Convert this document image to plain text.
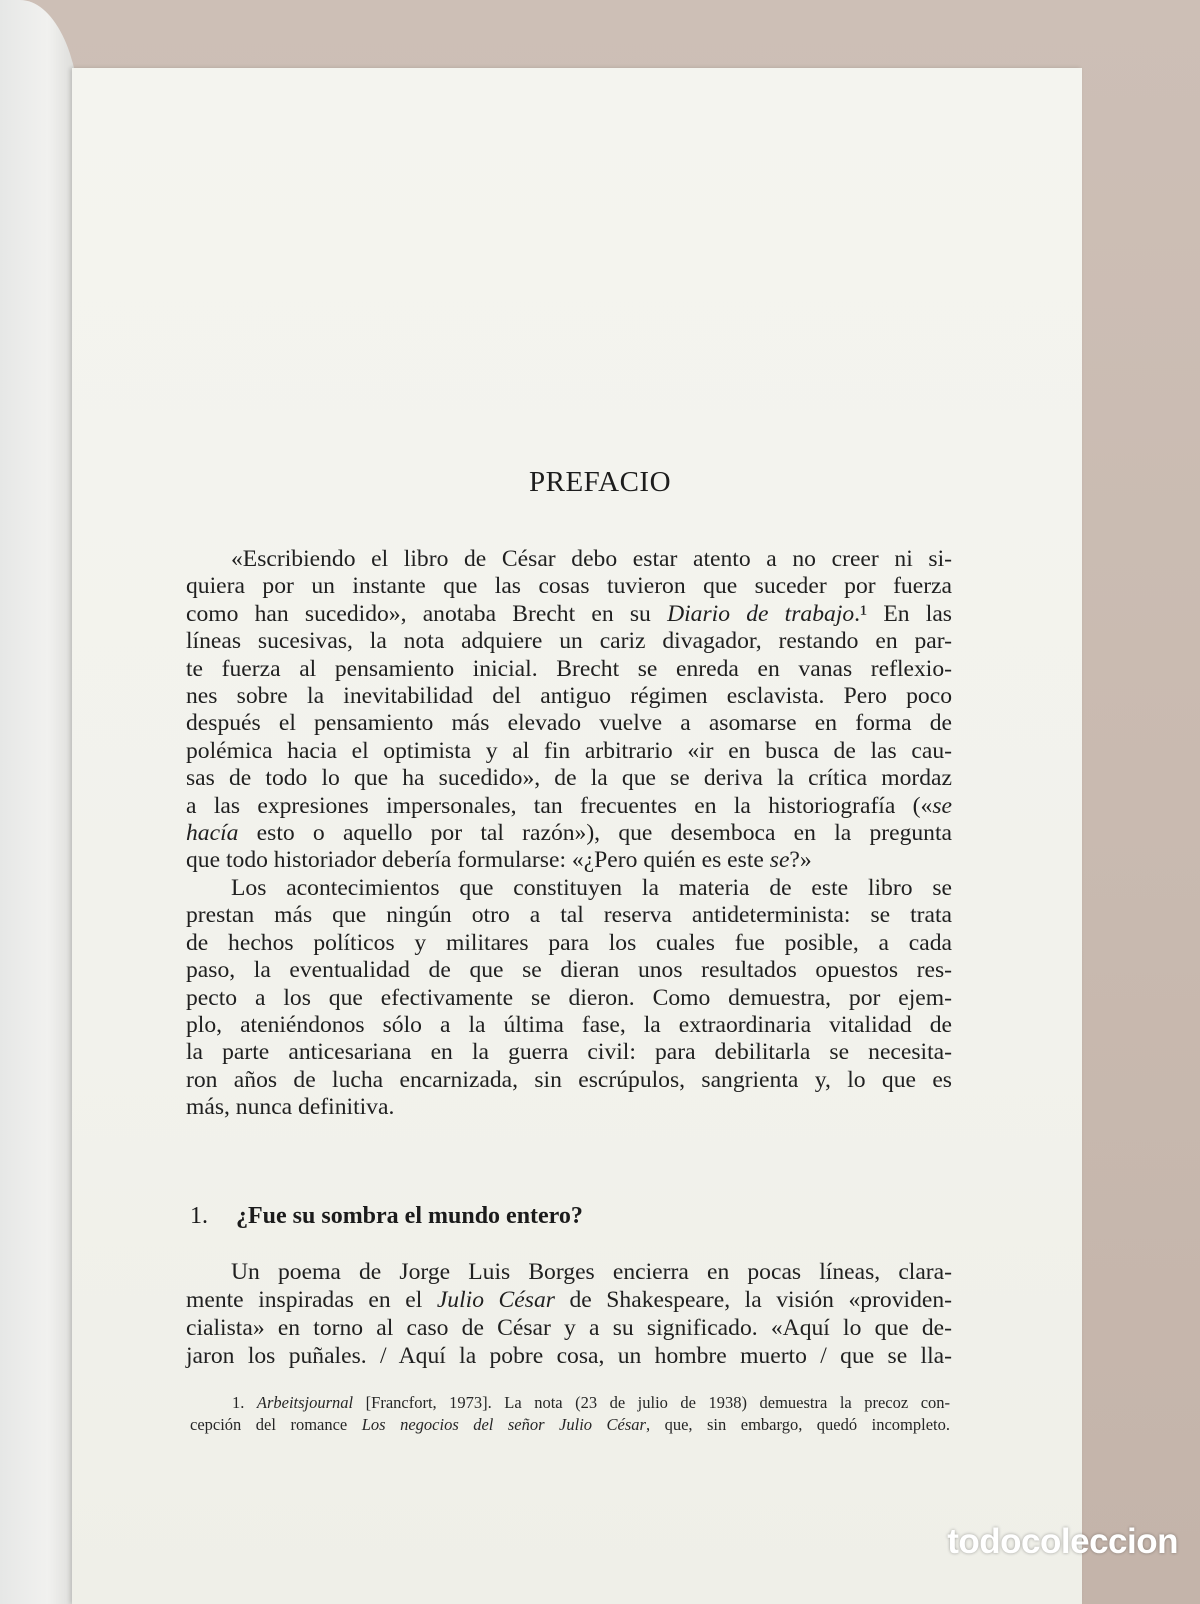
PREFACIO
«Escribiendo el libro de César debo estar atento a no creer ni si-
quiera por un instante que las cosas tuvieron que suceder por fuerza
como han sucedido», anotaba Brecht en su Diario de trabajo.¹ En las
líneas sucesivas, la nota adquiere un cariz divagador, restando en par-
te fuerza al pensamiento inicial. Brecht se enreda en vanas reflexio-
nes sobre la inevitabilidad del antiguo régimen esclavista. Pero poco
después el pensamiento más elevado vuelve a asomarse en forma de
polémica hacia el optimista y al fin arbitrario «ir en busca de las cau-
sas de todo lo que ha sucedido», de la que se deriva la crítica mordaz
a las expresiones impersonales, tan frecuentes en la historiografía («se
hacía esto o aquello por tal razón»), que desemboca en la pregunta
que todo historiador debería formularse: «¿Pero quién es este se?»
Los acontecimientos que constituyen la materia de este libro se
prestan más que ningún otro a tal reserva antideterminista: se trata
de hechos políticos y militares para los cuales fue posible, a cada
paso, la eventualidad de que se dieran unos resultados opuestos res-
pecto a los que efectivamente se dieron. Como demuestra, por ejem-
plo, ateniéndonos sólo a la última fase, la extraordinaria vitalidad de
la parte anticesariana en la guerra civil: para debilitarla se necesita-
ron años de lucha encarnizada, sin escrúpulos, sangrienta y, lo que es
más, nunca definitiva.
1. ¿Fue su sombra el mundo entero?
Un poema de Jorge Luis Borges encierra en pocas líneas, clara-
mente inspiradas en el Julio César de Shakespeare, la visión «providen-
cialista» en torno al caso de César y a su significado. «Aquí lo que de-
jaron los puñales. / Aquí la pobre cosa, un hombre muerto / que se lla-
1. Arbeitsjournal [Francfort, 1973]. La nota (23 de julio de 1938) demuestra la precoz con-
cepción del romance Los negocios del señor Julio César, que, sin embargo, quedó incompleto.
todocoleccion
